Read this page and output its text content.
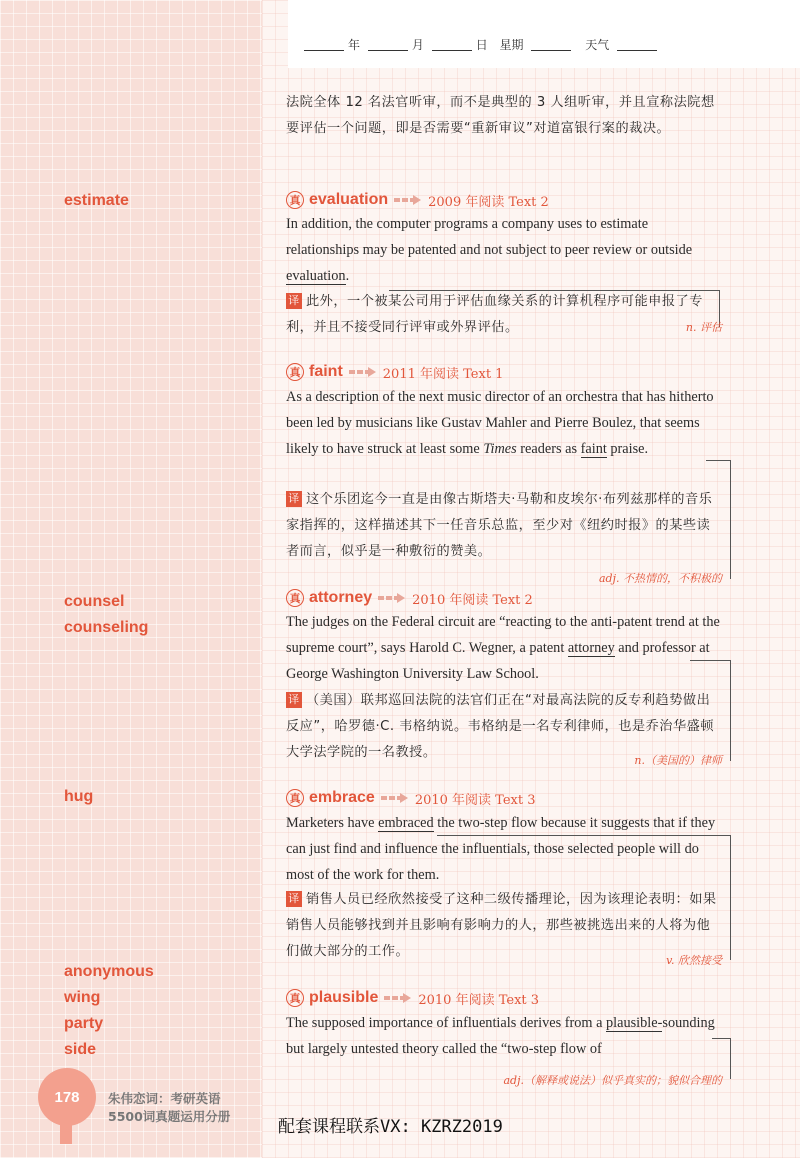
年	月	日 星期	天气
法院全体 12 名法官听审，而不是典型的 3 人组听审，并且宣称法院想要评估一个问题，即是否需要“重新审议”对道富银行案的裁决。
estimate
counsel
counseling
hug
anonymous
wing
party
side
真 evaluation	2009 年阅读 Text 2
In addition, the computer programs a company uses to estimate relationships may be patented and not subject to peer review or outside evaluation.
译 此外，一个被某公司用于评估血缘关系的计算机程序可能申报了专利，并且不接受同行评审或外界评估。	n. 评估
真 faint	2011 年阅读 Text 1
As a description of the next music director of an orchestra that has hitherto been led by musicians like Gustav Mahler and Pierre Boulez, that seems likely to have struck at least some Times readers as faint praise.
译 这个乐团迄今一直是由像古斯塔夫·马勒和皮埃尔·布列兹那样的音乐家指挥的，这样描述其下一任音乐总监，至少对《纽约时报》的某些读者而言，似乎是一种敷衍的赞美。
adj. 不热情的，不积极的
真 attorney	2010 年阅读 Text 2
The judges on the Federal circuit are “reacting to the anti-patent trend at the supreme court”, says Harold C. Wegner, a patent attorney and professor at George Washington University Law School.
译 （美国）联邦巡回法院的法官们正在“对最高法院的反专利趋势做出反应”，哈罗德·C. 韦格纳说。韦格纳是一名专利律师，也是乔治华盛顿大学法学院的一名教授。
n.（美国的）律师
真 embrace	2010 年阅读 Text 3
Marketers have embraced the two-step flow because it suggests that if they can just find and influence the influentials, those selected people will do most of the work for them.
译 销售人员已经欣然接受了这种二级传播理论，因为该理论表明：如果销售人员能够找到并且影响有影响力的人，那些被挑选出来的人将为他们做大部分的工作。
v. 欣然接受
真 plausible	2010 年阅读 Text 3
The supposed importance of influentials derives from a plausible-sounding but largely untested theory called the “two-step flow of
adj.（解释或说法）似乎真实的；貌似合理的
178	朱伟恋词：考研英语
5500词真题运用分册
配套课程联系VX: KZRZ2019
